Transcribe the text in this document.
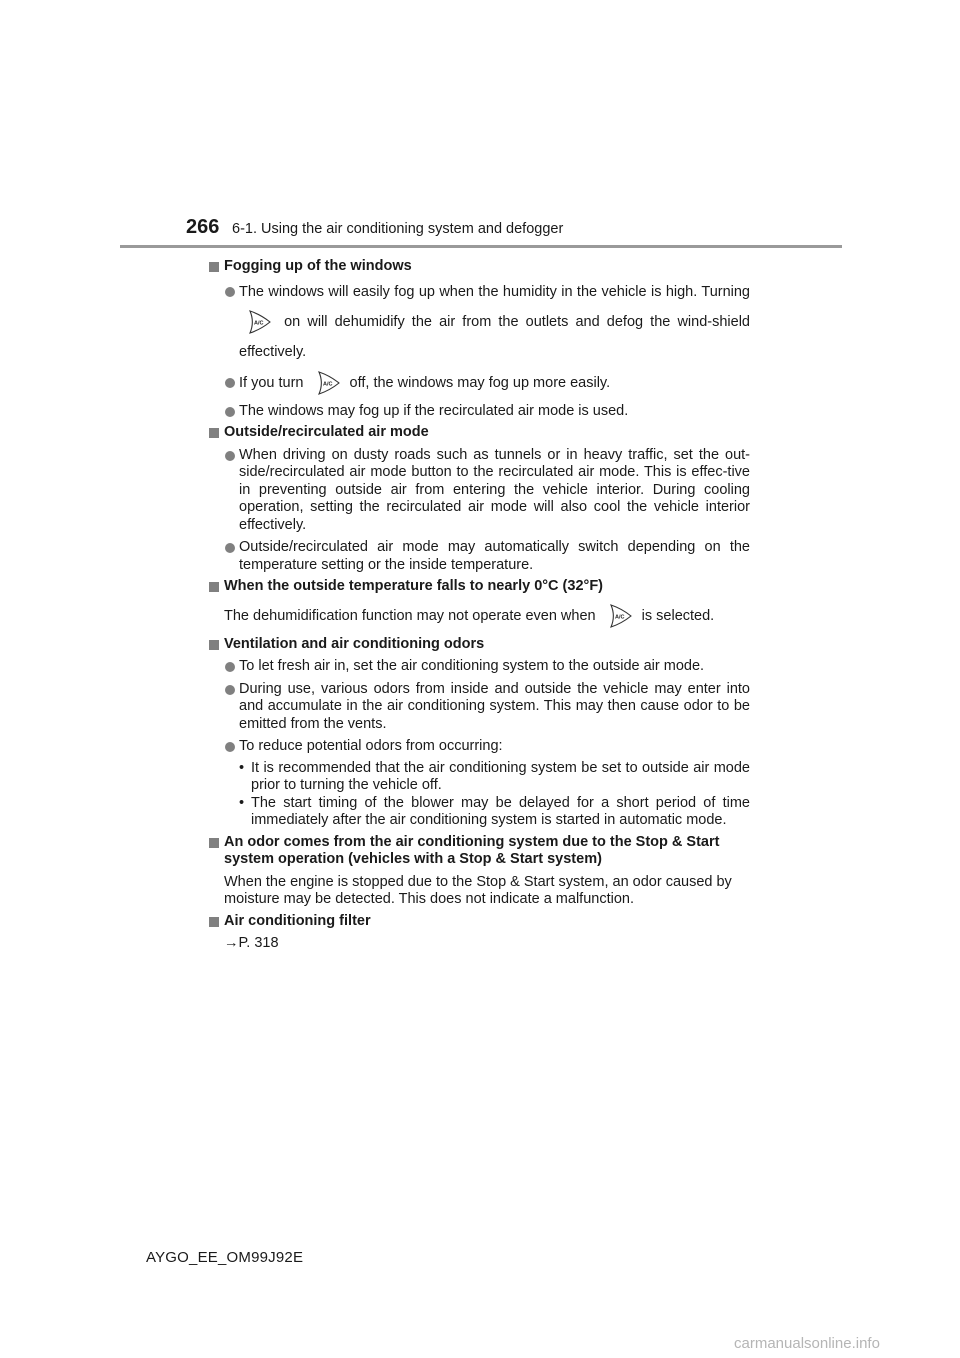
266 6-1. Using the air conditioning system and defogger
Fogging up of the windows
The windows will easily fog up when the humidity in the vehicle is high. Turning
A/C on will dehumidify the air from the outlets and defog the wind-shield effectively.
If you turn	A/C off, the windows may fog up more easily.
The windows may fog up if the recirculated air mode is used.
Outside/recirculated air mode
When driving on dusty roads such as tunnels or in heavy traffic, set the out-side/recirculated air mode button to the recirculated air mode. This is effec-tive in preventing outside air from entering the vehicle interior. During cooling operation, setting the recirculated air mode will also cool the vehicle interior effectively.
Outside/recirculated air mode may automatically switch depending on the temperature setting or the inside temperature.
When the outside temperature falls to nearly 0°C (32°F)
The dehumidification function may not operate even when	A/C is selected.
Ventilation and air conditioning odors
To let fresh air in, set the air conditioning system to the outside air mode.
During use, various odors from inside and outside the vehicle may enter into and accumulate in the air conditioning system. This may then cause odor to be emitted from the vents.
To reduce potential odors from occurring:
• It is recommended that the air conditioning system be set to outside air mode prior to turning the vehicle off.
• The start timing of the blower may be delayed for a short period of time immediately after the air conditioning system is started in automatic mode.
An odor comes from the air conditioning system due to the Stop & Start system operation (vehicles with a Stop & Start system)
When the engine is stopped due to the Stop & Start system, an odor caused by moisture may be detected. This does not indicate a malfunction.
Air conditioning filter
→P. 318
AYGO_EE_OM99J92E
carmanualsonline.info
